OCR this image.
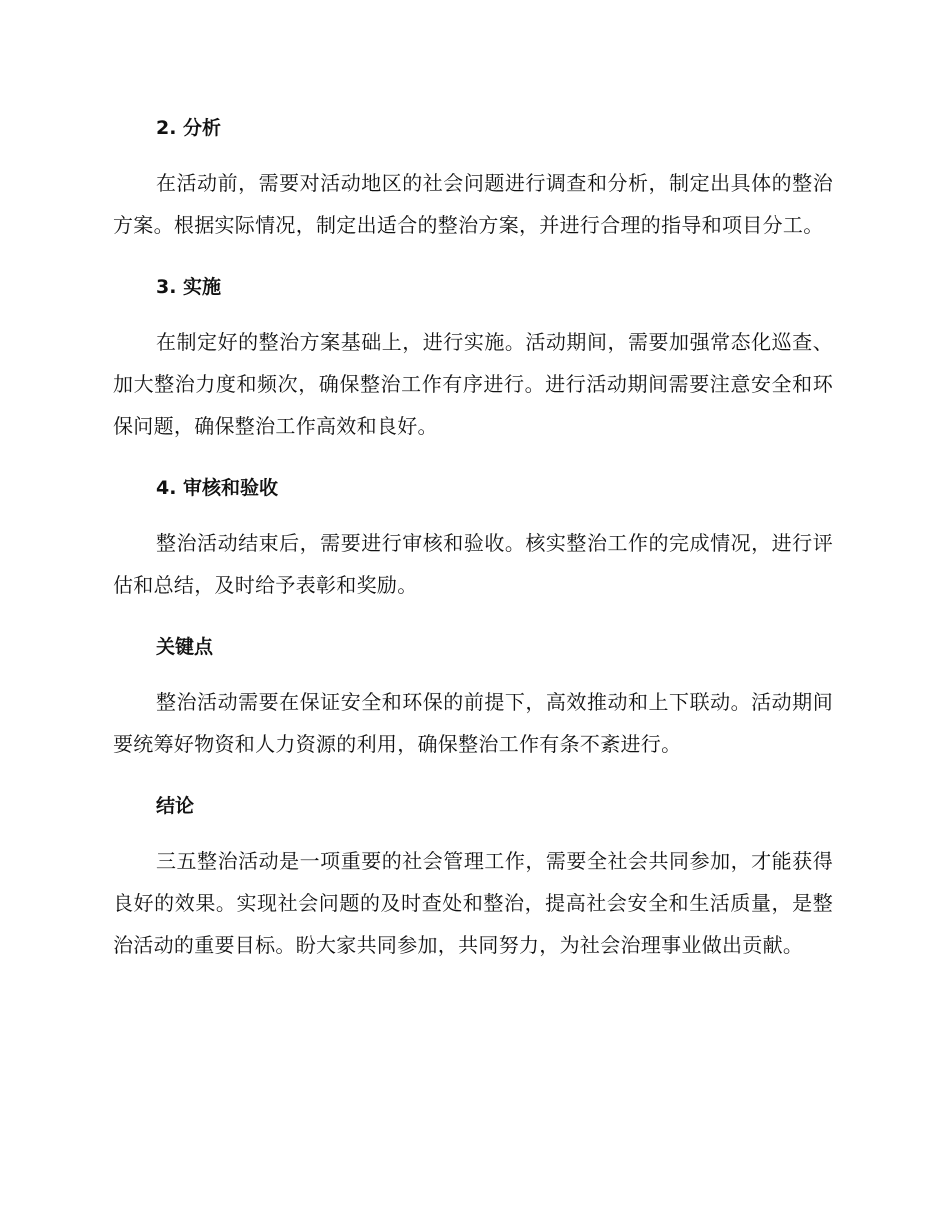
2. 分析

在活动前，需要对活动地区的社会问题进行调查和分析，制定出具体的整治方案。根据实际情况，制定出适合的整治方案，并进行合理的指导和项目分工。

3. 实施

在制定好的整治方案基础上，进行实施。活动期间，需要加强常态化巡查、加大整治力度和频次，确保整治工作有序进行。进行活动期间需要注意安全和环保问题，确保整治工作高效和良好。

4. 审核和验收

整治活动结束后，需要进行审核和验收。核实整治工作的完成情况，进行评估和总结，及时给予表彰和奖励。

关键点

整治活动需要在保证安全和环保的前提下，高效推动和上下联动。活动期间要统筹好物资和人力资源的利用，确保整治工作有条不紊进行。

结论

三五整治活动是一项重要的社会管理工作，需要全社会共同参加，才能获得良好的效果。实现社会问题的及时查处和整治，提高社会安全和生活质量，是整治活动的重要目标。盼大家共同参加，共同努力，为社会治理事业做出贡献。
